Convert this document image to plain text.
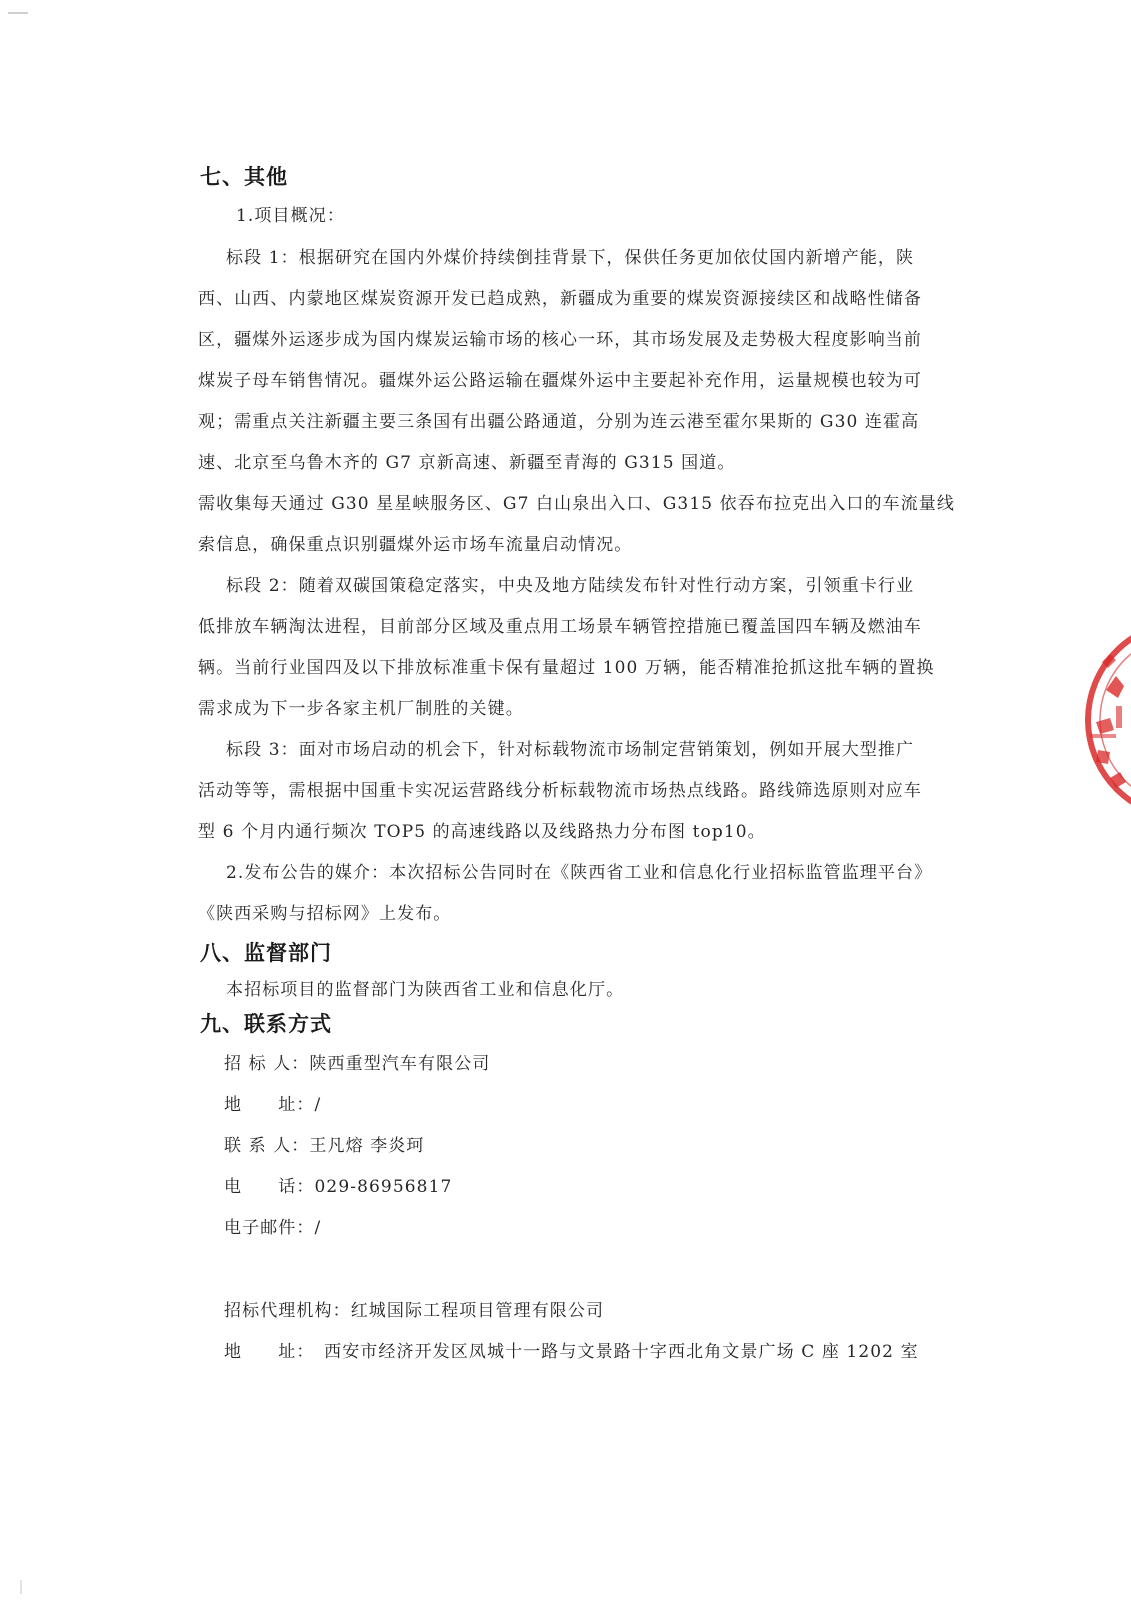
七、其他
1.项目概况：
标段 1：根据研究在国内外煤价持续倒挂背景下，保供任务更加依仗国内新增产能，陕
西、山西、内蒙地区煤炭资源开发已趋成熟，新疆成为重要的煤炭资源接续区和战略性储备
区，疆煤外运逐步成为国内煤炭运输市场的核心一环，其市场发展及走势极大程度影响当前
煤炭子母车销售情况。疆煤外运公路运输在疆煤外运中主要起补充作用，运量规模也较为可
观；需重点关注新疆主要三条国有出疆公路通道，分别为连云港至霍尔果斯的 G30 连霍高
速、北京至乌鲁木齐的 G7 京新高速、新疆至青海的 G315 国道。
需收集每天通过 G30 星星峡服务区、G7 白山泉出入口、G315 依吞布拉克出入口的车流量线
索信息，确保重点识别疆煤外运市场车流量启动情况。
标段 2：随着双碳国策稳定落实，中央及地方陆续发布针对性行动方案，引领重卡行业
低排放车辆淘汰进程，目前部分区域及重点用工场景车辆管控措施已覆盖国四车辆及燃油车
辆。当前行业国四及以下排放标准重卡保有量超过 100 万辆，能否精准抢抓这批车辆的置换
需求成为下一步各家主机厂制胜的关键。
标段 3：面对市场启动的机会下，针对标载物流市场制定营销策划，例如开展大型推广
活动等等，需根据中国重卡实况运营路线分析标载物流市场热点线路。路线筛选原则对应车
型 6 个月内通行频次 TOP5 的高速线路以及线路热力分布图 top10。
2.发布公告的媒介：本次招标公告同时在《陕西省工业和信息化行业招标监管监理平台》
《陕西采购与招标网》上发布。
八、监督部门
本招标项目的监督部门为陕西省工业和信息化厅。
九、联系方式
招 标 人：陕西重型汽车有限公司
地　　址：/
联 系 人：王凡熔 李炎珂
电　　话：029-86956817
电子邮件：/
招标代理机构：红城国际工程项目管理有限公司
地　　址：　西安市经济开发区凤城十一路与文景路十字西北角文景广场 C 座 1202 室
